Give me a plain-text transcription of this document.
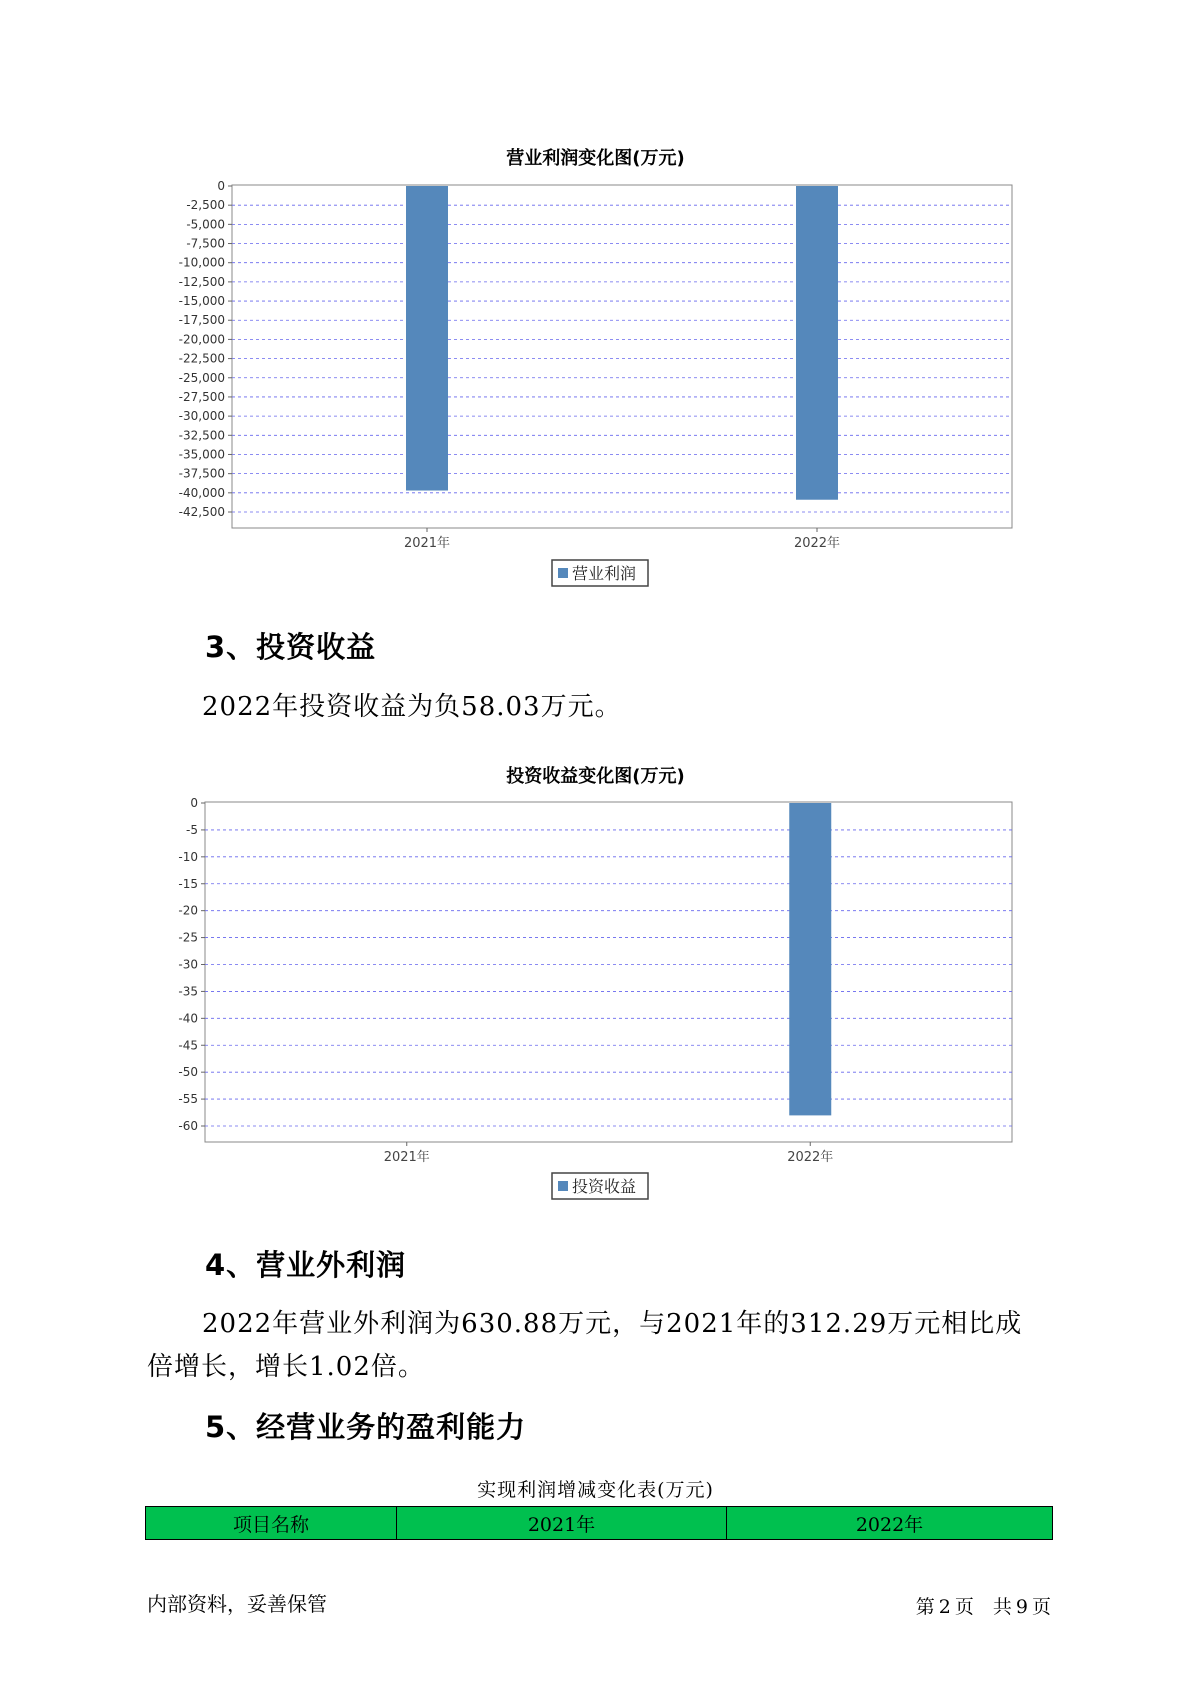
营业利润变化图(万元)
0
-2,500
-5,000
-7,500
-10,000
-12,500
-15,000
-17,500
-20,000
-22,500
-25,000
-27,500
-30,000
-32,500
-35,000
-37,500
-40,000
-42,500
2021年	2022年
营业利润
3、投资收益
2022年投资收益为负58.03万元。
投资收益变化图(万元)
0
-5
-10
-15
-20
-25
-30
-35
-40
-45
-50
-55
-60
2021年	2022年
投资收益
4、营业外利润
2022年营业外利润为630.88万元，与2021年的312.29万元相比成倍增长，增长1.02倍。
5、经营业务的盈利能力
实现利润增减变化表(万元)
项目名称	2021年	2022年
内部资料，妥善保管	第 2 页　共 9 页
